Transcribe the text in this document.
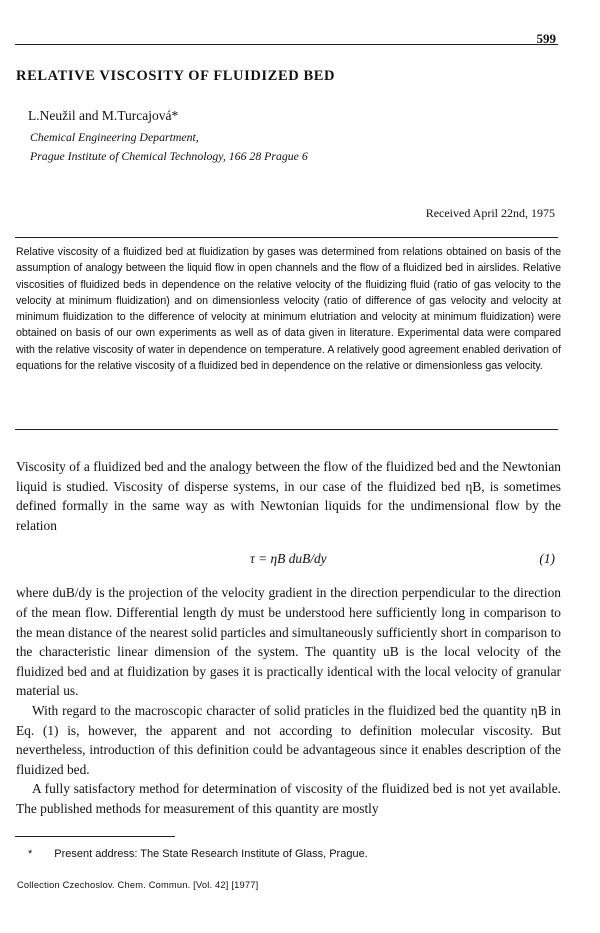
599
RELATIVE VISCOSITY OF FLUIDIZED BED
L.Neužil and M.Turcajová*
Chemical Engineering Department,
Prague Institute of Chemical Technology, 166 28 Prague 6
Received April 22nd, 1975
Relative viscosity of a fluidized bed at fluidization by gases was determined from relations obtained on basis of the assumption of analogy between the liquid flow in open channels and the flow of a fluidized bed in airslides. Relative viscosities of fluidized beds in dependence on the relative velocity of the fluidizing fluid (ratio of gas velocity to the velocity at minimum fluidization) and on dimensionless velocity (ratio of difference of gas velocity and velocity at minimum fluidization to the difference of velocity at minimum elutriation and velocity at minimum fluidization) were obtained on basis of our own experiments as well as of data given in literature. Experimental data were compared with the relative viscosity of water in dependence on temperature. A relatively good agreement enabled derivation of equations for the relative viscosity of a fluidized bed in dependence on the relative or dimensionless gas velocity.

Viscosity of a fluidized bed and the analogy between the flow of the fluidized bed and the Newtonian liquid is studied. Viscosity of disperse systems, in our case of the fluidized bed ηB, is sometimes defined formally in the same way as with Newtonian liquids for the undimensional flow by the relation

τ = ηB duB/dy	(1)

where duB/dy is the projection of the velocity gradient in the direction perpendicular to the direction of the mean flow. Differential length dy must be understood here sufficiently long in comparison to the mean distance of the nearest solid particles and simultaneously sufficiently short in comparison to the characteristic linear dimension of the system. The quantity uB is the local velocity of the fluidized bed and at fluidization by gases it is practically identical with the local velocity of granular material us.

With regard to the macroscopic character of solid praticles in the fluidized bed the quantity ηB in Eq. (1) is, however, the apparent and not according to definition molecular viscosity. But nevertheless, introduction of this definition could be advantageous since it enables description of the fluidized bed.

A fully satisfactory method for determination of viscosity of the fluidized bed is not yet available. The published methods for measurement of this quantity are mostly

* Present address: The State Research Institute of Glass, Prague.
Collection Czechoslov. Chem. Commun. [Vol. 42] [1977]
